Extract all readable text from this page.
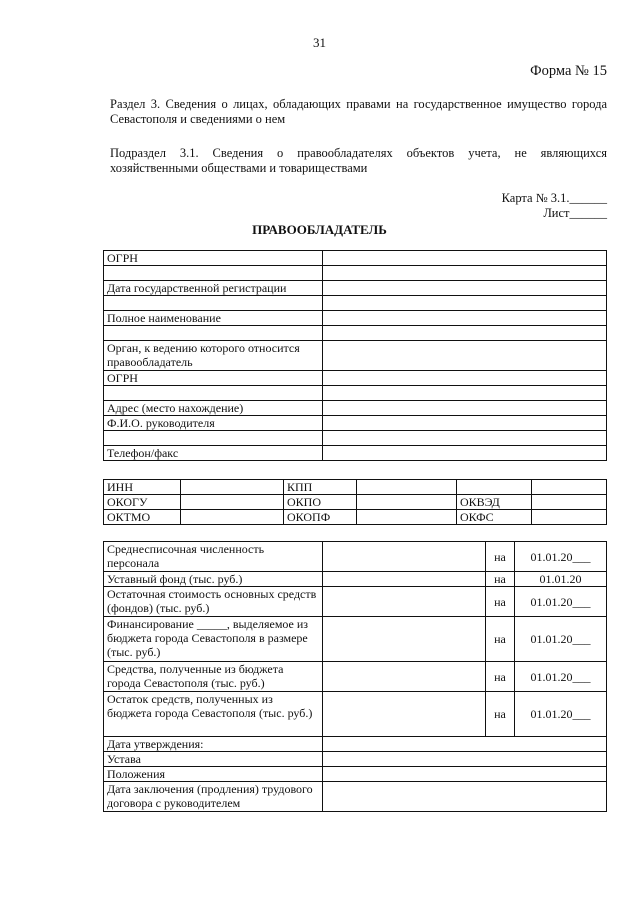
31
Форма № 15
Раздел 3. Сведения о лицах, обладающих правами на государственное имущество города
Севастополя и сведениями о нем
Подраздел 3.1. Сведения о правообладателях объектов учета, не являющихся
хозяйственными обществами и товариществами
Карта № 3.1.______
Лист______
ПРАВООБЛАДАТЕЛЬ
ОГРН	

Дата государственной регистрации	

Полное наименование	

Орган, к ведению которого относится правообладатель	
ОГРН	

Адрес (место нахождение)	
Ф.И.О. руководителя	

Телефон/факс	
ИНН		КПП			
ОКОГУ		ОКПО		ОКВЭД	
ОКТМО		ОКОПФ		ОКФС	
Среднесписочная численность персонала		на	01.01.20___
Уставный фонд (тыс. руб.)		на	01.01.20
Остаточная стоимость основных средств (фондов) (тыс. руб.)		на	01.01.20___
Финансирование _____, выделяемое из бюджета города Севастополя в размере (тыс. руб.)		на	01.01.20___
Средства, полученные из бюджета города Севастополя (тыс. руб.)		на	01.01.20___
Остаток средств, полученных из бюджета города Севастополя (тыс. руб.)		на	01.01.20___
Дата утверждения:			
Устава			
Положения			
Дата заключения (продления) трудового договора с руководителем			
